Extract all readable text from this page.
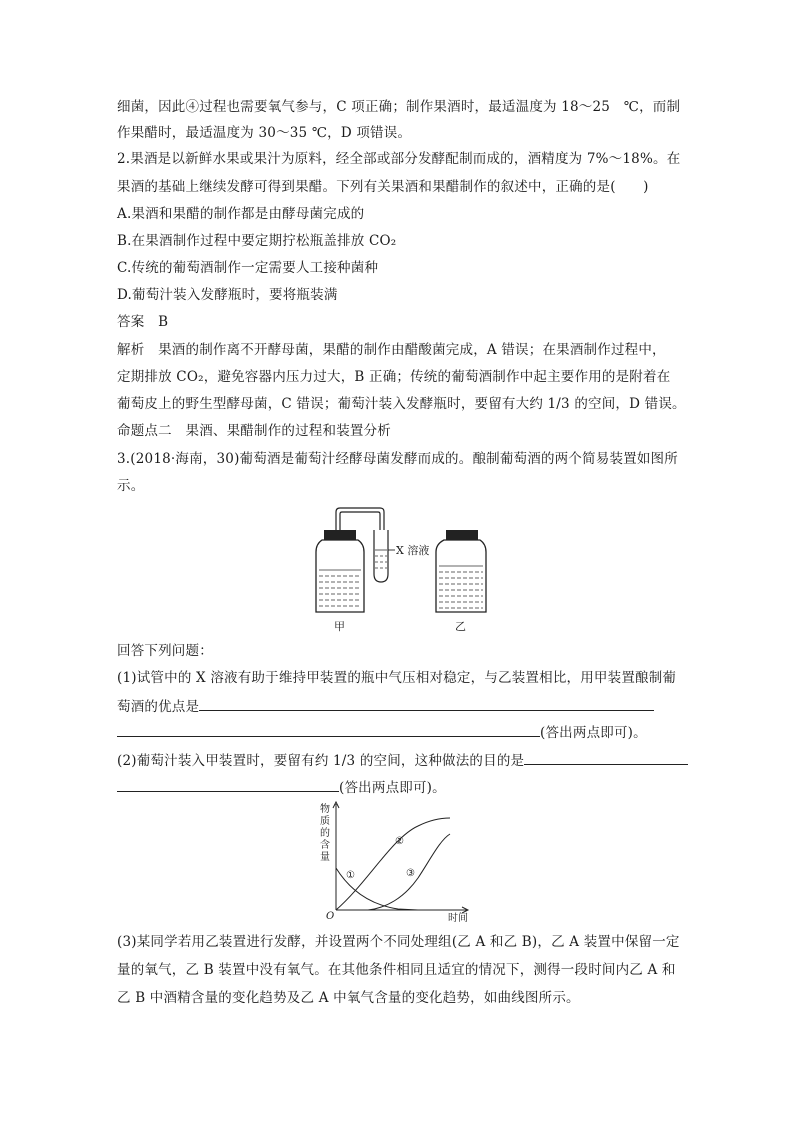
细菌，因此④过程也需要氧气参与，C 项正确；制作果酒时，最适温度为 18～25　℃，而制
作果醋时，最适温度为 30～35 ℃，D 项错误。
2.果酒是以新鲜水果或果汁为原料，经全部或部分发酵配制而成的，酒精度为 7%～18%。在
果酒的基础上继续发酵可得到果醋。下列有关果酒和果醋制作的叙述中，正确的是(　　)
A.果酒和果醋的制作都是由酵母菌完成的
B.在果酒制作过程中要定期拧松瓶盖排放 CO₂
C.传统的葡萄酒制作一定需要人工接种菌种
D.葡萄汁装入发酵瓶时，要将瓶装满
答案　B
解析　果酒的制作离不开酵母菌，果醋的制作由醋酸菌完成，A 错误；在果酒制作过程中，
定期排放 CO₂，避免容器内压力过大，B 正确；传统的葡萄酒制作中起主要作用的是附着在
葡萄皮上的野生型酵母菌，C 错误；葡萄汁装入发酵瓶时，要留有大约 1/3 的空间，D 错误。
命题点二　果酒、果醋制作的过程和装置分析
3.(2018·海南，30)葡萄酒是葡萄汁经酵母菌发酵而成的。酿制葡萄酒的两个简易装置如图所
示。
X 溶液
甲	乙
回答下列问题：
(1)试管中的 X 溶液有助于维持甲装置的瓶中气压相对稳定，与乙装置相比，用甲装置酿制葡
萄酒的优点是
(答出两点即可)。
(2)葡萄汁装入甲装置时，要留有约 1/3 的空间，这种做法的目的是
(答出两点即可)。
物
质
的
含
量
O	时间
①
②
③
(3)某同学若用乙装置进行发酵，并设置两个不同处理组(乙 A 和乙 B)，乙 A 装置中保留一定
量的氧气，乙 B 装置中没有氧气。在其他条件相同且适宜的情况下，测得一段时间内乙 A 和
乙 B 中酒精含量的变化趋势及乙 A 中氧气含量的变化趋势，如曲线图所示。
